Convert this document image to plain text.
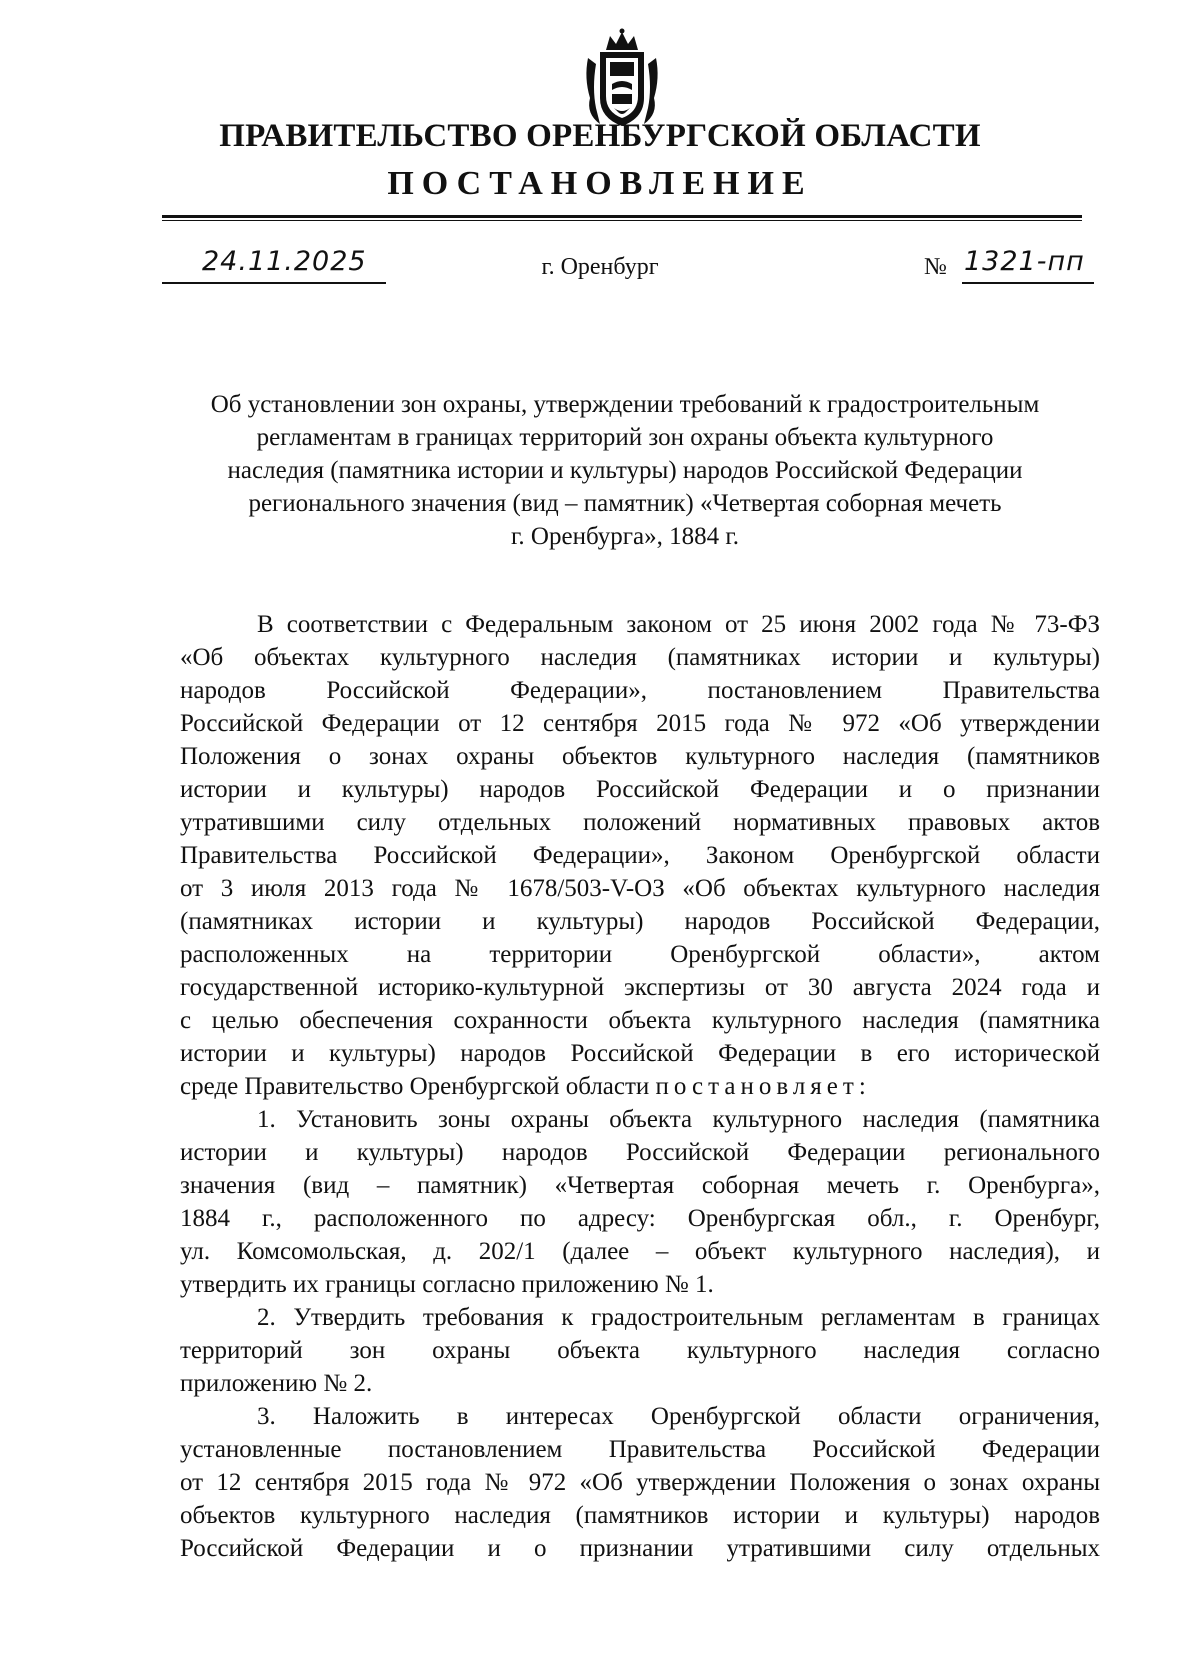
ПРАВИТЕЛЬСТВО ОРЕНБУРГСКОЙ ОБЛАСТИ
ПОСТАНОВЛЕНИЕ
24.11.2025	г. Оренбург	№ 1321-пп
Об установлении зон охраны, утверждении требований к градостроительным
регламентам в границах территорий зон охраны объекта культурного
наследия (памятника истории и культуры) народов Российской Федерации
регионального значения (вид – памятник) «Четвертая соборная мечеть
г. Оренбурга», 1884 г.
В соответствии с Федеральным законом от 25 июня 2002 года № 73-ФЗ
«Об объектах культурного наследия (памятниках истории и культуры)
народов Российской Федерации», постановлением Правительства
Российской Федерации от 12 сентября 2015 года № 972 «Об утверждении
Положения о зонах охраны объектов культурного наследия (памятников
истории и культуры) народов Российской Федерации и о признании
утратившими силу отдельных положений нормативных правовых актов
Правительства Российской Федерации», Законом Оренбургской области
от 3 июля 2013 года № 1678/503-V-ОЗ «Об объектах культурного наследия
(памятниках истории и культуры) народов Российской Федерации,
расположенных на территории Оренбургской области», актом
государственной историко-культурной экспертизы от 30 августа 2024 года и
с целью обеспечения сохранности объекта культурного наследия (памятника
истории и культуры) народов Российской Федерации в его исторической
среде Правительство Оренбургской области постановляет:
1. Установить зоны охраны объекта культурного наследия (памятника
истории и культуры) народов Российской Федерации регионального
значения (вид – памятник) «Четвертая соборная мечеть г. Оренбурга»,
1884 г., расположенного по адресу: Оренбургская обл., г. Оренбург,
ул. Комсомольская, д. 202/1 (далее – объект культурного наследия), и
утвердить их границы согласно приложению № 1.
2. Утвердить требования к градостроительным регламентам в границах
территорий зон охраны объекта культурного наследия согласно
приложению № 2.
3. Наложить в интересах Оренбургской области ограничения,
установленные постановлением Правительства Российской Федерации
от 12 сентября 2015 года № 972 «Об утверждении Положения о зонах охраны
объектов культурного наследия (памятников истории и культуры) народов
Российской Федерации и о признании утратившими силу отдельных
